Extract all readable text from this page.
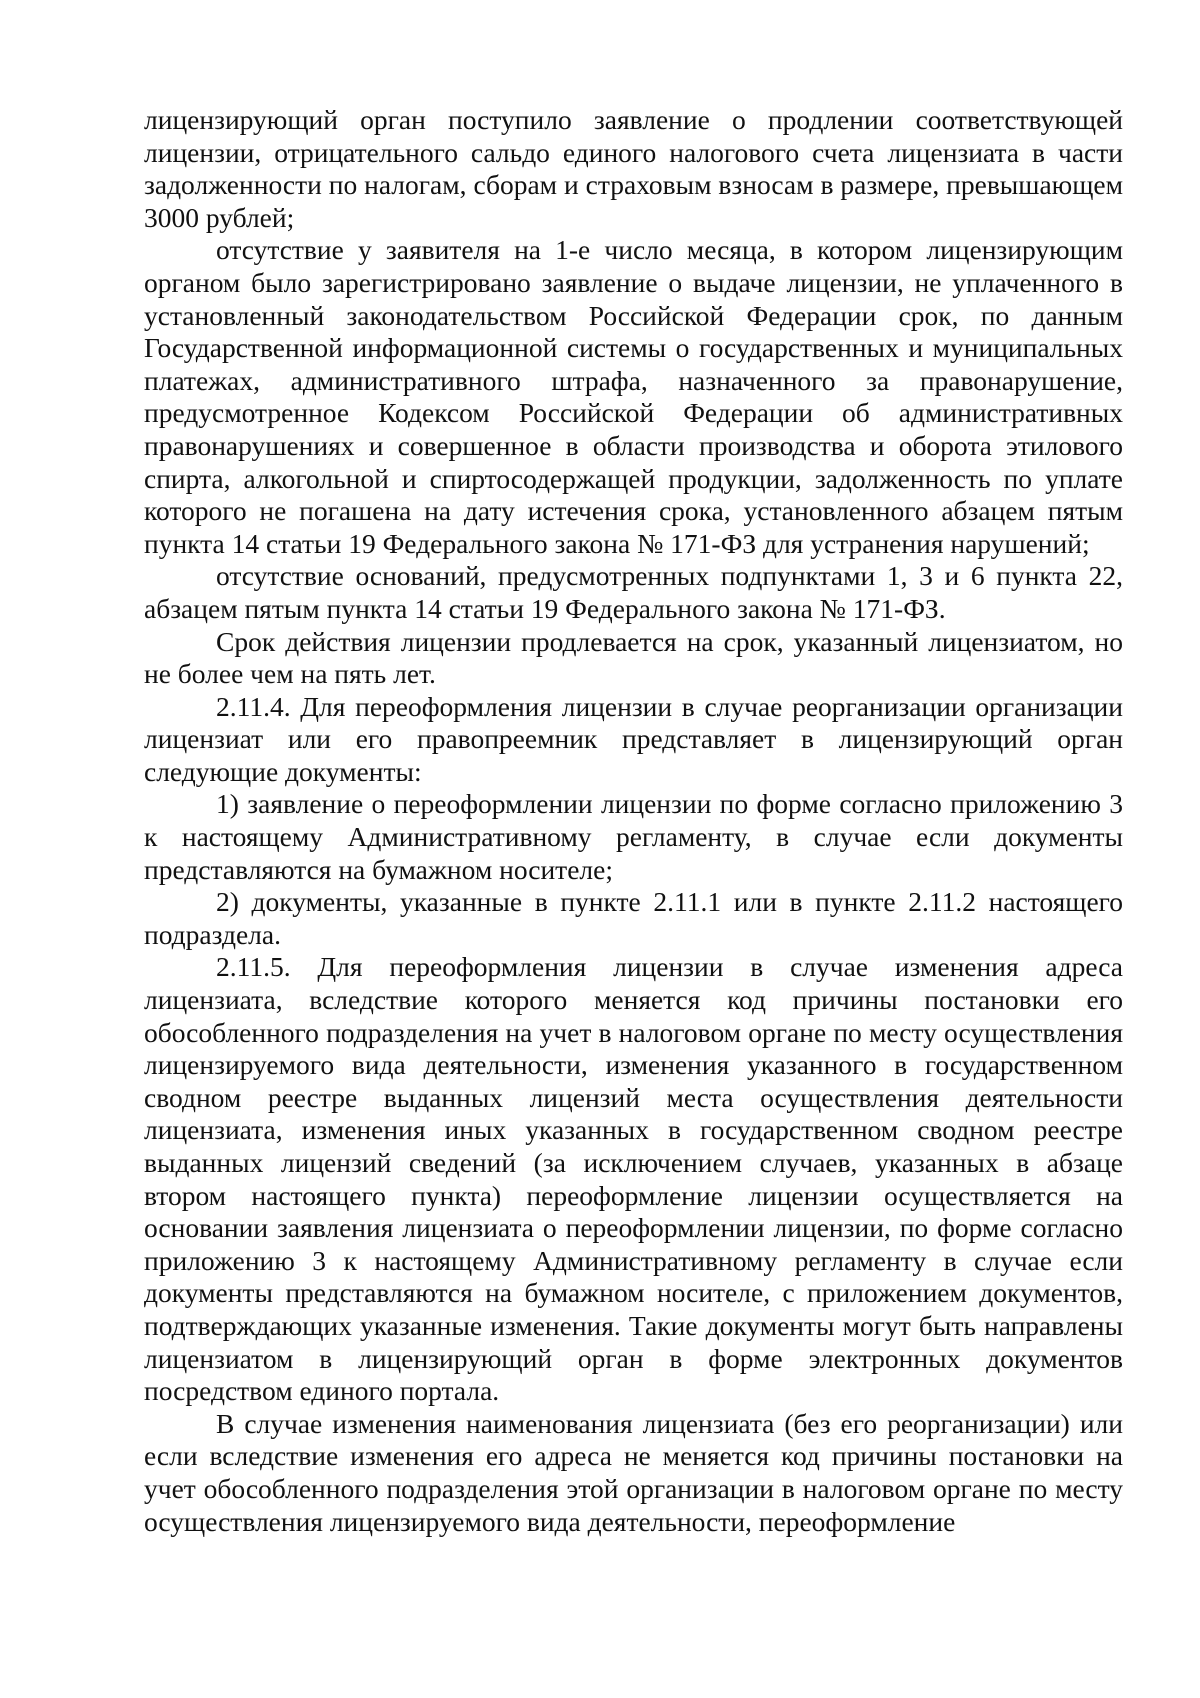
лицензирующий орган поступило заявление о продлении соответствующей лицензии, отрицательного сальдо единого налогового счета лицензиата в части задолженности по налогам, сборам и страховым взносам в размере, превышающем 3000 рублей;

отсутствие у заявителя на 1-е число месяца, в котором лицензирующим органом было зарегистрировано заявление о выдаче лицензии, не уплаченного в установленный законодательством Российской Федерации срок, по данным Государственной информационной системы о государственных и муниципальных платежах, административного штрафа, назначенного за правонарушение, предусмотренное Кодексом Российской Федерации об административных правонарушениях и совершенное в области производства и оборота этилового спирта, алкогольной и спиртосодержащей продукции, задолженность по уплате которого не погашена на дату истечения срока, установленного абзацем пятым пункта 14 статьи 19 Федерального закона № 171-ФЗ для устранения нарушений;

отсутствие оснований, предусмотренных подпунктами 1, 3 и 6 пункта 22, абзацем пятым пункта 14 статьи 19 Федерального закона № 171-ФЗ.

Срок действия лицензии продлевается на срок, указанный лицензиатом, но не более чем на пять лет.

2.11.4. Для переоформления лицензии в случае реорганизации организации лицензиат или его правопреемник представляет в лицензирующий орган следующие документы:

1) заявление о переоформлении лицензии по форме согласно приложению 3 к настоящему Административному регламенту, в случае если документы представляются на бумажном носителе;

2) документы, указанные в пункте 2.11.1 или в пункте 2.11.2 настоящего подраздела.

2.11.5. Для переоформления лицензии в случае изменения адреса лицензиата, вследствие которого меняется код причины постановки его обособленного подразделения на учет в налоговом органе по месту осуществления лицензируемого вида деятельности, изменения указанного в государственном сводном реестре выданных лицензий места осуществления деятельности лицензиата, изменения иных указанных в государственном сводном реестре выданных лицензий сведений (за исключением случаев, указанных в абзаце втором настоящего пункта) переоформление лицензии осуществляется на основании заявления лицензиата о переоформлении лицензии, по форме согласно приложению 3 к настоящему Административному регламенту в случае если документы представляются на бумажном носителе, с приложением документов, подтверждающих указанные изменения. Такие документы могут быть направлены лицензиатом в лицензирующий орган в форме электронных документов посредством единого портала.

В случае изменения наименования лицензиата (без его реорганизации) или если вследствие изменения его адреса не меняется код причины постановки на учет обособленного подразделения этой организации в налоговом органе по месту осуществления лицензируемого вида деятельности, переоформление
